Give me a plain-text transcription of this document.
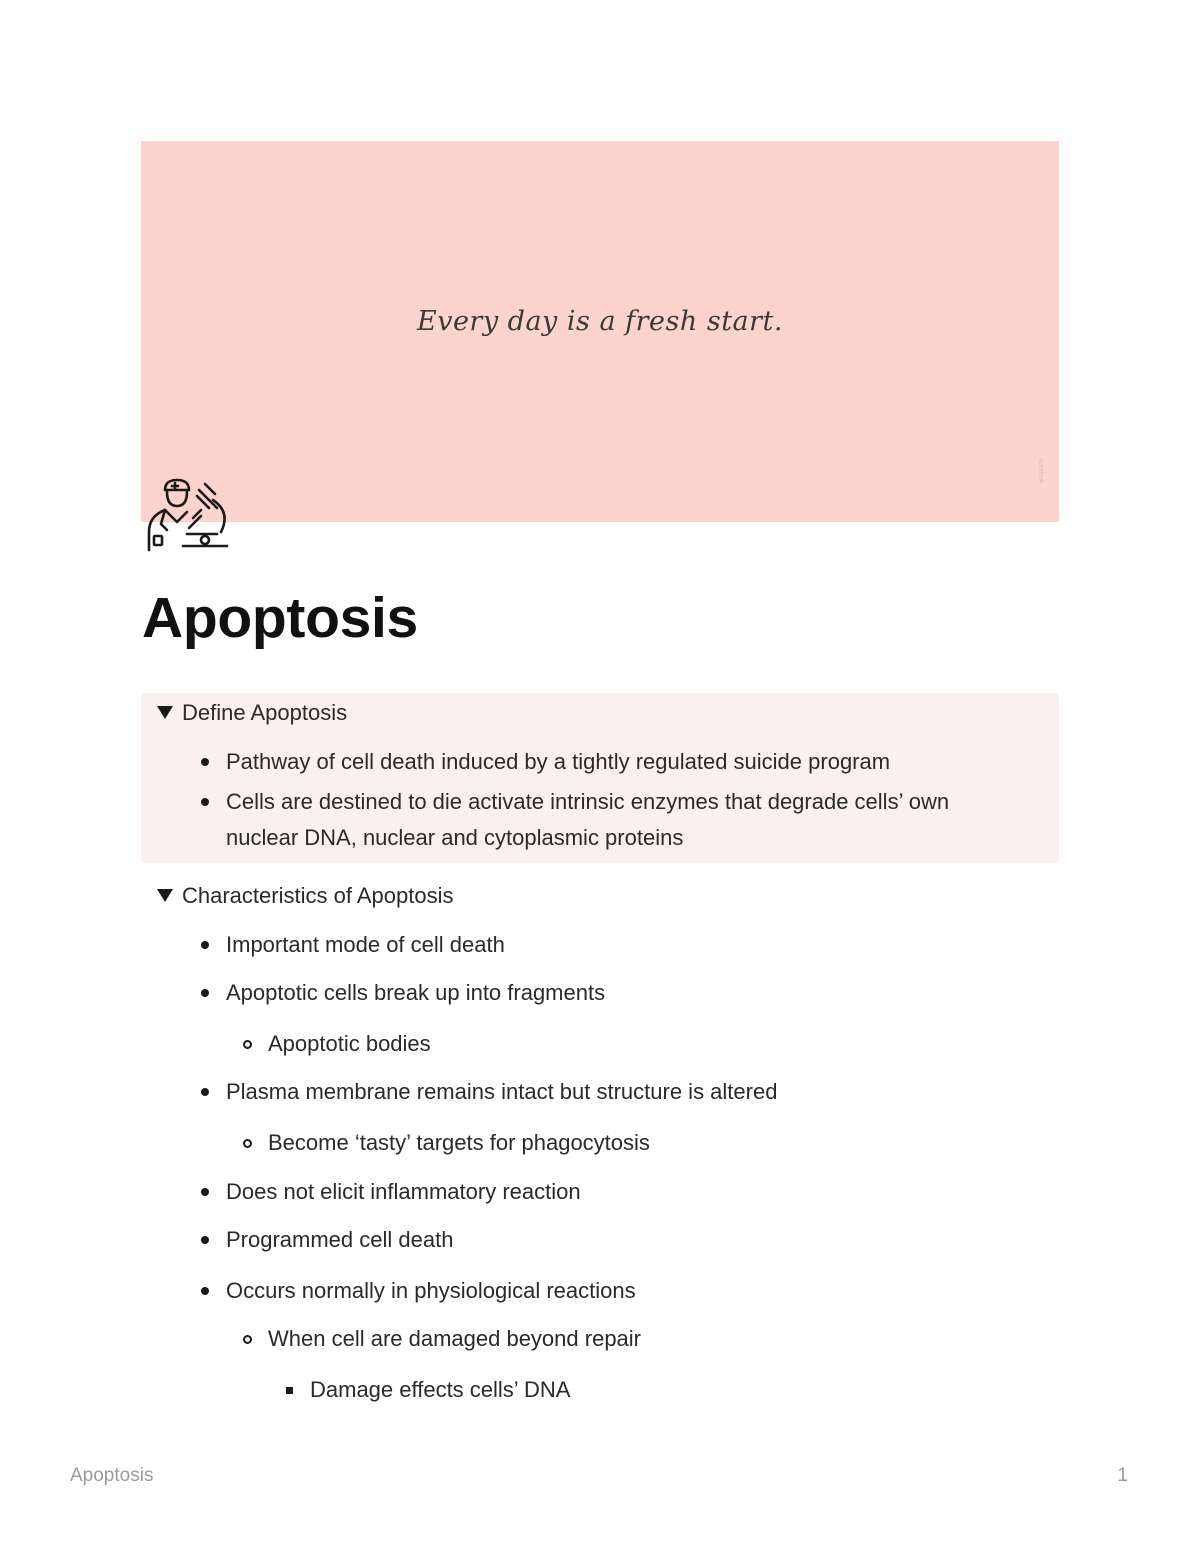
Every day is a fresh start.
unsplash
Apoptosis
Define Apoptosis
Pathway of cell death induced by a tightly regulated suicide program
Cells are destined to die activate intrinsic enzymes that degrade cells’ own nuclear DNA, nuclear and cytoplasmic proteins
Characteristics of Apoptosis
Important mode of cell death
Apoptotic cells break up into fragments
Apoptotic bodies
Plasma membrane remains intact but structure is altered
Become ‘tasty’ targets for phagocytosis
Does not elicit inflammatory reaction
Programmed cell death
Occurs normally in physiological reactions
When cell are damaged beyond repair
Damage effects cells’ DNA
Apoptosis	1
